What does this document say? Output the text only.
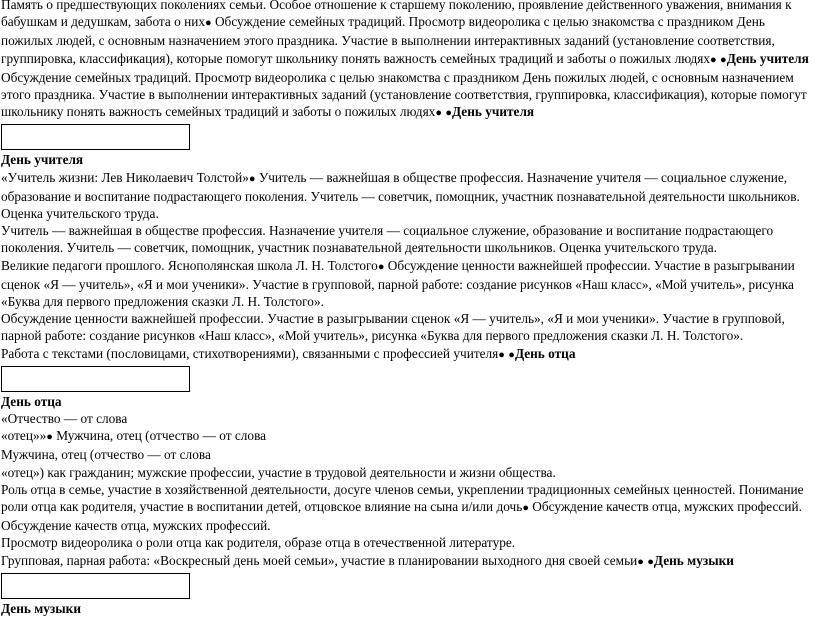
Память о предшествующих поколениях семьи. Особое отношение к старшему поколению, проявление действенного уважения, внимания к бабушкам и дедушкам, забота о них● Обсуждение семейных традиций. Просмотр видеоролика с целью знакомства с праздником День пожилых людей, с основным назначением этого праздника. Участие в выполнении интерактивных заданий (установление соответствия, группировка, классификация), которые помогут школьнику понять важность семейных традиций и заботы о пожилых людях● ●День учителя

Обсуждение семейных традиций. Просмотр видеоролика с целью знакомства с праздником День пожилых людей, с основным назначением этого праздника. Участие в выполнении интерактивных заданий (установление соответствия, группировка, классификация), которые помогут школьнику понять важность семейных традиций и заботы о пожилых людях● ●День учителя

День учителя

«Учитель жизни: Лев Николаевич Толстой»● Учитель — важнейшая в обществе профессия. Назначение учителя — социальное служение, образование и воспитание подрастающего поколения. Учитель — советчик, помощник, участник познавательной деятельности школьников. Оценка учительского труда.

Учитель — важнейшая в обществе профессия. Назначение учителя — социальное служение, образование и воспитание подрастающего поколения. Учитель — советчик, помощник, участник познавательной деятельности школьников. Оценка учительского труда.

Великие педагоги прошлого. Яснополянская школа Л. Н. Толстого● Обсуждение ценности важнейшей профессии. Участие в разыгрывании сценок «Я — учитель», «Я и мои ученики». Участие в групповой, парной работе: создание рисунков «Наш класс», «Мой учитель», рисунка «Буква для первого предложения сказки Л. Н. Толстого».

Обсуждение ценности важнейшей профессии. Участие в разыгрывании сценок «Я — учитель», «Я и мои ученики». Участие в групповой, парной работе: создание рисунков «Наш класс», «Мой учитель», рисунка «Буква для первого предложения сказки Л. Н. Толстого».

Работа с текстами (пословицами, стихотворениями), связанными с профессией учителя● ●День отца

День отца

«Отчество — от слова

«отец»»● Мужчина, отец (отчество — от слова

Мужчина, отец (отчество — от слова

«отец») как гражданин; мужские профессии, участие в трудовой деятельности и жизни общества.

Роль отца в семье, участие в хозяйственной деятельности, досуге членов семьи, укреплении традиционных семейных ценностей. Понимание роли отца как родителя, участие в воспитании детей, отцовское влияние на сына и/или дочь● Обсуждение качеств отца, мужских профессий.

Обсуждение качеств отца, мужских профессий.

Просмотр видеоролика о роли отца как родителя, образе отца в отечественной литературе.

Групповая, парная работа: «Воскресный день моей семьи», участие в планировании выходного дня своей семьи● ●День музыки

День музыки
